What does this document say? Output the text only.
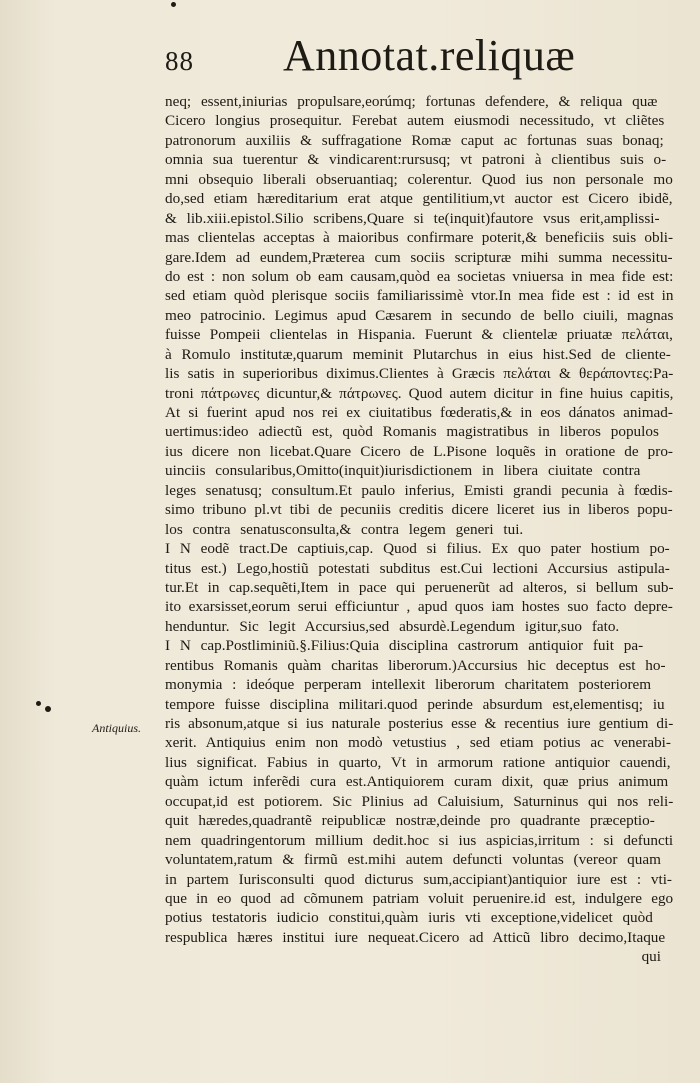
88 Annotat.reliquæ
Antiquius.
neq; essent,iniurias propulsare,eorúmq; fortunas defendere, & reliqua quæ
Cicero longius prosequitur. Ferebat autem eiusmodi necessitudo, vt cliẽtes
patronorum auxiliis & suffragatione Romæ caput ac fortunas suas bonaq;
omnia sua tuerentur & vindicarent:rursusq; vt patroni à clientibus suis o-
mni obsequio liberali obseruantiaq; colerentur. Quod ius non personale mo
do,sed etiam hæreditarium erat atque gentilitium,vt auctor est Cicero ibidẽ,
& lib.xiii.epistol.Silio scribens,Quare si te(inquit)fautore vsus erit,amplissi-
mas clientelas acceptas à maioribus confirmare poterit,& beneficiis suis obli-
gare.Idem ad eundem,Præterea cum sociis scripturæ mihi summa necessitu-
do est : non solum ob eam causam,quòd ea societas vniuersa in mea fide est:
sed etiam quòd plerisque sociis familiarissimè vtor.In mea fide est : id est in
meo patrocinio. Legimus apud Cæsarem in secundo de bello ciuili, magnas
fuisse Pompeii clientelas in Hispania. Fuerunt & clientelæ priuatæ πελάται,
à Romulo institutæ,quarum meminit Plutarchus in eius hist.Sed de cliente-
lis satis in superioribus diximus.Clientes à Græcis πελάται & θεράποντες:Pa-
troni πάτρωνες dicuntur,& πάτρωνες. Quod autem dicitur in fine huius capitis,
At si fuerint apud nos rei ex ciuitatibus fœderatis,& in eos dánatos animad-
uertimus:ideo adiectũ est, quòd Romanis magistratibus in liberos populos
ius dicere non licebat.Quare Cicero de L.Pisone loquẽs in oratione de pro-
uinciis consularibus,Omitto(inquit)iurisdictionem in libera ciuitate contra
leges senatusq; consultum.Et paulo inferius, Emisti grandi pecunia à fœdis-
simo tribuno pl.vt tibi de pecuniis creditis dicere liceret ius in liberos popu-
los contra senatusconsulta,& contra legem generi tui.
I N eodẽ tract.De captiuis,cap. Quod si filius. Ex quo pater hostium po-
titus est.) Lego,hostiũ potestati subditus est.Cui lectioni Accursius astipula-
tur.Et in cap.sequẽti,Item in pace qui peruenerũt ad alteros, si bellum sub-
ito exarsisset,eorum serui efficiuntur , apud quos iam hostes suo facto depre-
henduntur. Sic legit Accursius,sed absurdè.Legendum igitur,suo fato.
I N cap.Postliminiũ.§.Filius:Quia disciplina castrorum antiquior fuit pa-
rentibus Romanis quàm charitas liberorum.)Accursius hic deceptus est ho-
monymia : ideóque perperam intellexit liberorum charitatem posteriorem
tempore fuisse disciplina militari.quod perinde absurdum est,elementisq; iu
ris absonum,atque si ius naturale posterius esse & recentius iure gentium di-
xerit. Antiquius enim non modò vetustius , sed etiam potius ac venerabi-
lius significat. Fabius in quarto, Vt in armorum ratione antiquior cauendi,
quàm ictum inferẽdi cura est.Antiquiorem curam dixit, quæ prius animum
occupat,id est potiorem. Sic Plinius ad Caluisium, Saturninus qui nos reli-
quit hæredes,quadrantẽ reipublicæ nostræ,deinde pro quadrante præceptio-
nem quadringentorum millium dedit.hoc si ius aspicias,irritum : si defuncti
voluntatem,ratum & firmũ est.mihi autem defuncti voluntas (vereor quam
in partem Iurisconsulti quod dicturus sum,accipiant)antiquior iure est : vti-
que in eo quod ad cõmunem patriam voluit peruenire.id est, indulgere ego
potius testatoris iudicio constitui,quàm iuris vti exceptione,videlicet quòd
respublica hæres institui iure nequeat.Cicero ad Atticũ libro decimo,Itaque
qui
